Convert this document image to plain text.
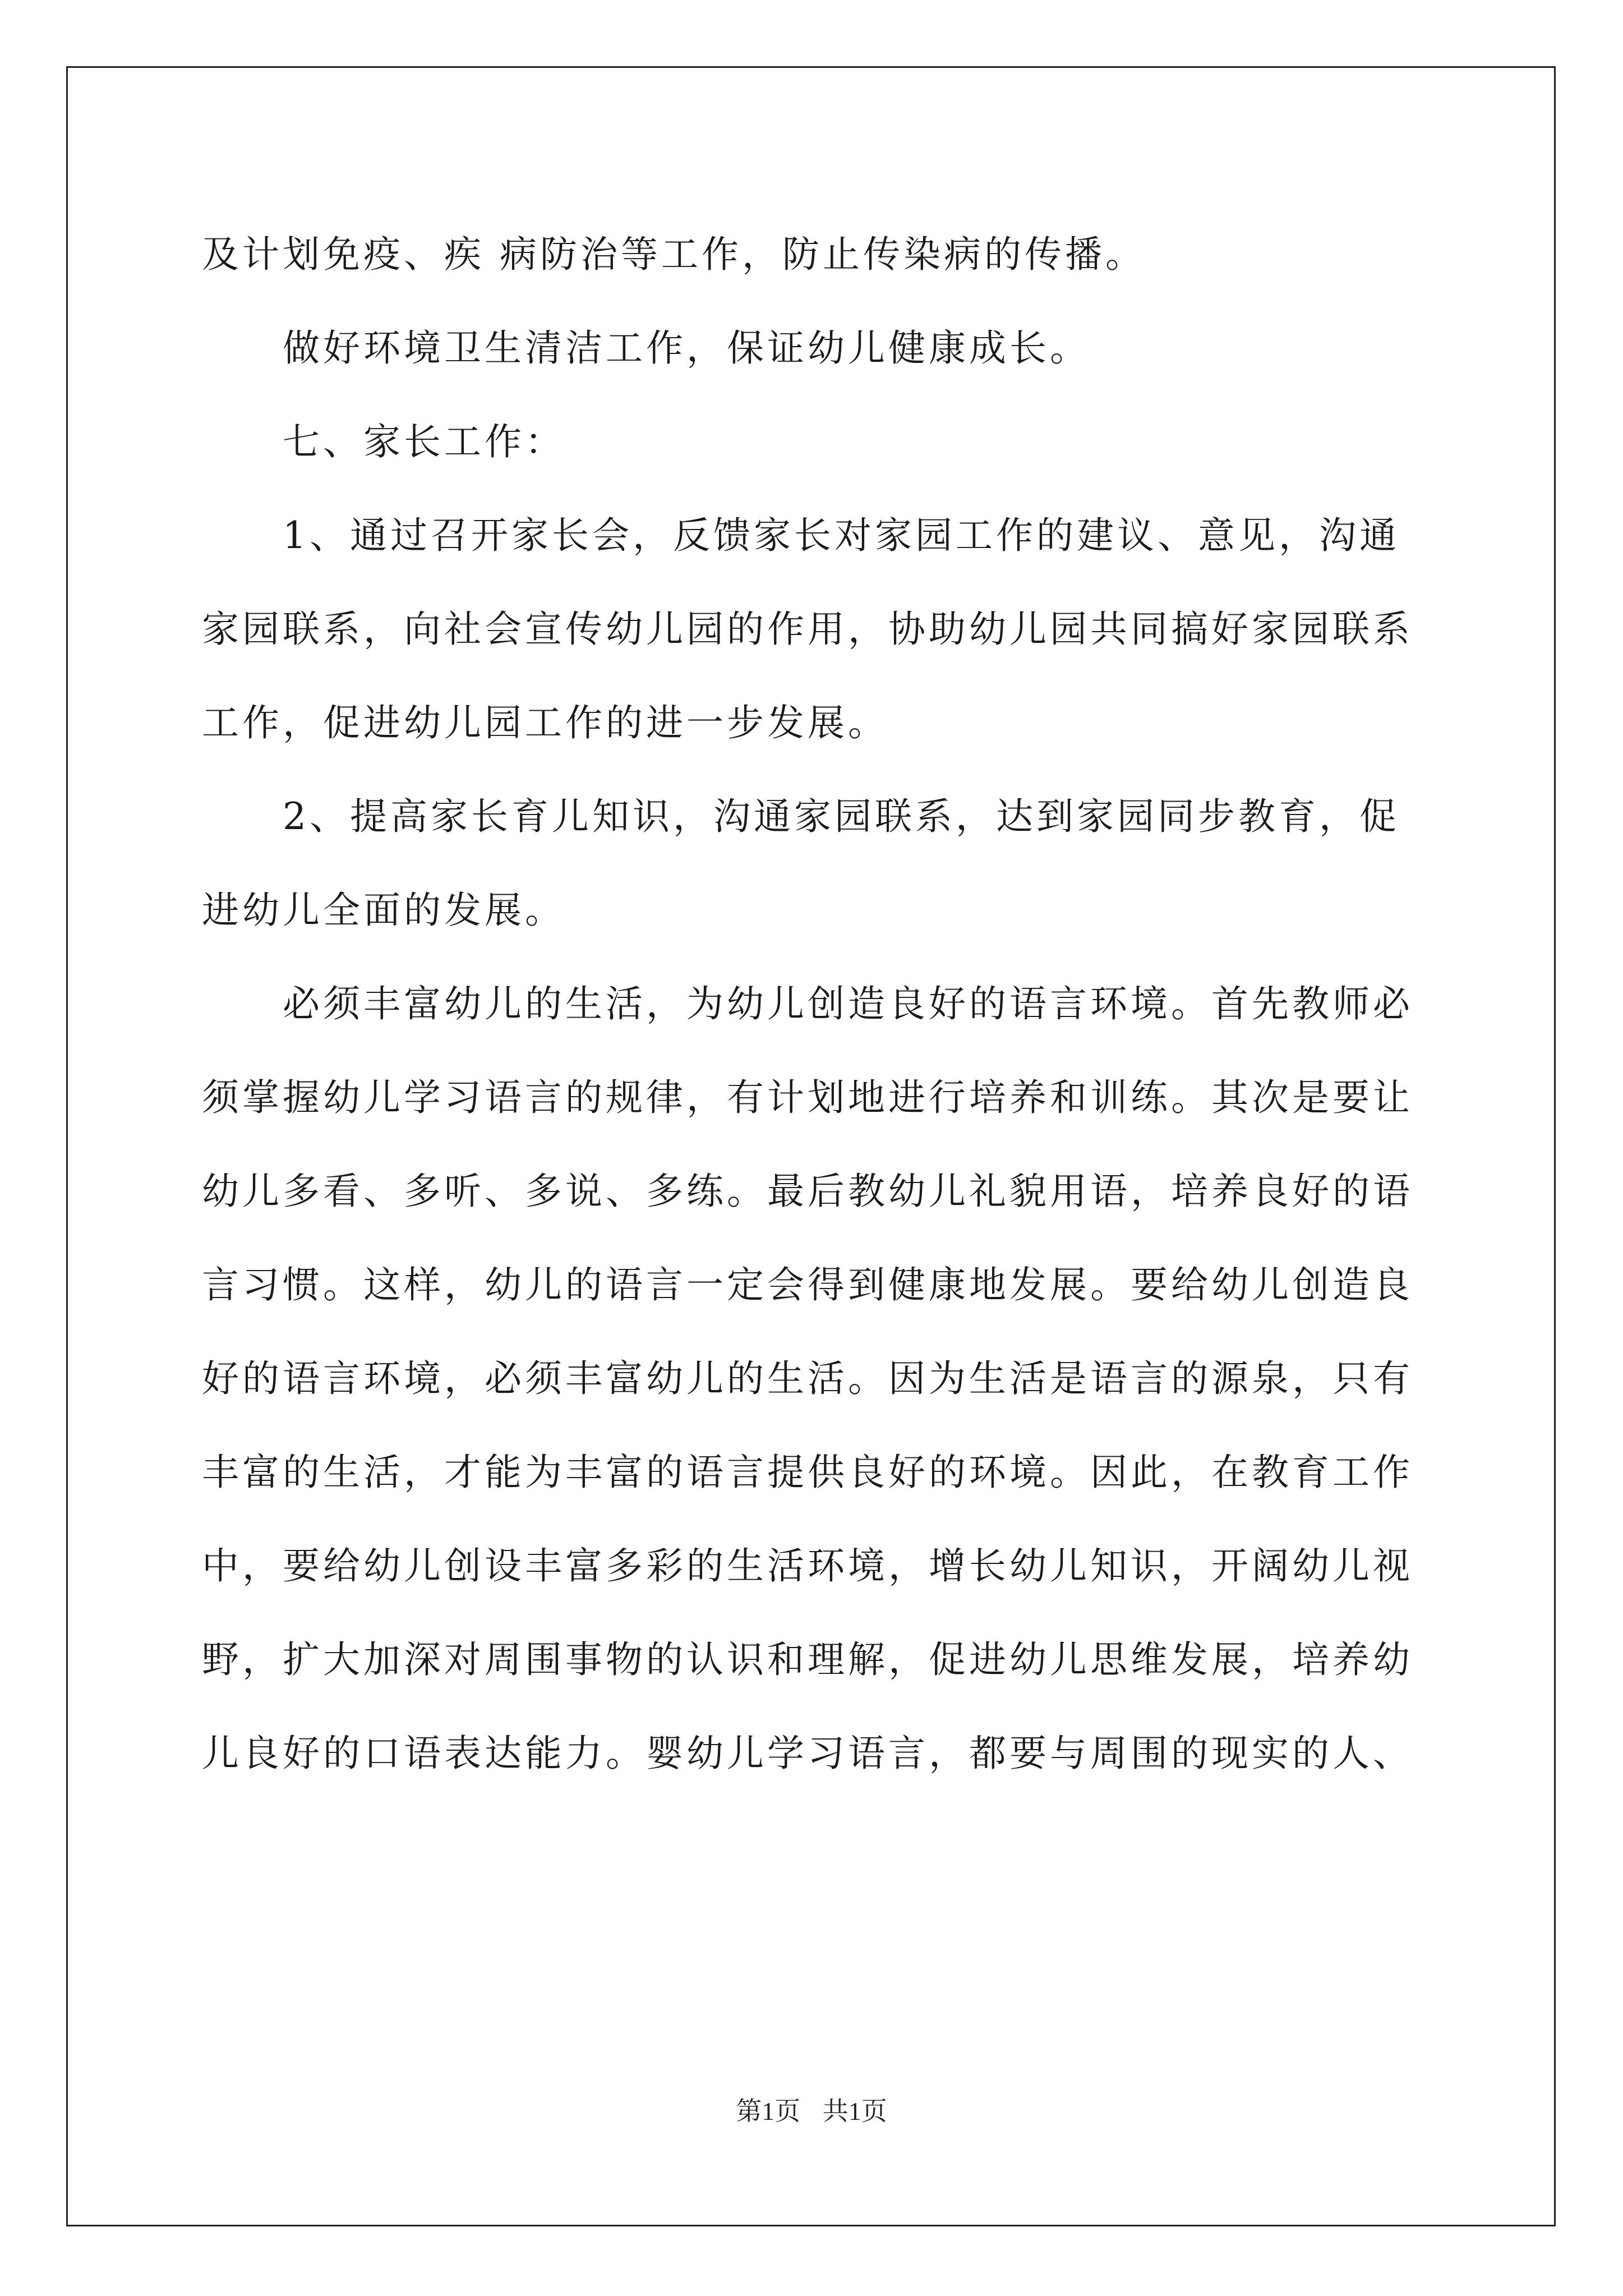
及计划免疫、疾 病防治等工作，防止传染病的传播。

做好环境卫生清洁工作，保证幼儿健康成长。

七、家长工作：

1、通过召开家长会，反馈家长对家园工作的建议、意见，沟通家园联系，向社会宣传幼儿园的作用，协助幼儿园共同搞好家园联系工作，促进幼儿园工作的进一步发展。

2、提高家长育儿知识，沟通家园联系，达到家园同步教育，促进幼儿全面的发展。

必须丰富幼儿的生活，为幼儿创造良好的语言环境。首先教师必须掌握幼儿学习语言的规律，有计划地进行培养和训练。其次是要让幼儿多看、多听、多说、多练。最后教幼儿礼貌用语，培养良好的语言习惯。这样，幼儿的语言一定会得到健康地发展。要给幼儿创造良好的语言环境，必须丰富幼儿的生活。因为生活是语言的源泉，只有丰富的生活，才能为丰富的语言提供良好的环境。因此，在教育工作中，要给幼儿创设丰富多彩的生活环境，增长幼儿知识，开阔幼儿视野，扩大加深对周围事物的认识和理解，促进幼儿思维发展，培养幼儿良好的口语表达能力。婴幼儿学习语言，都要与周围的现实的人、

第1页 共1页
